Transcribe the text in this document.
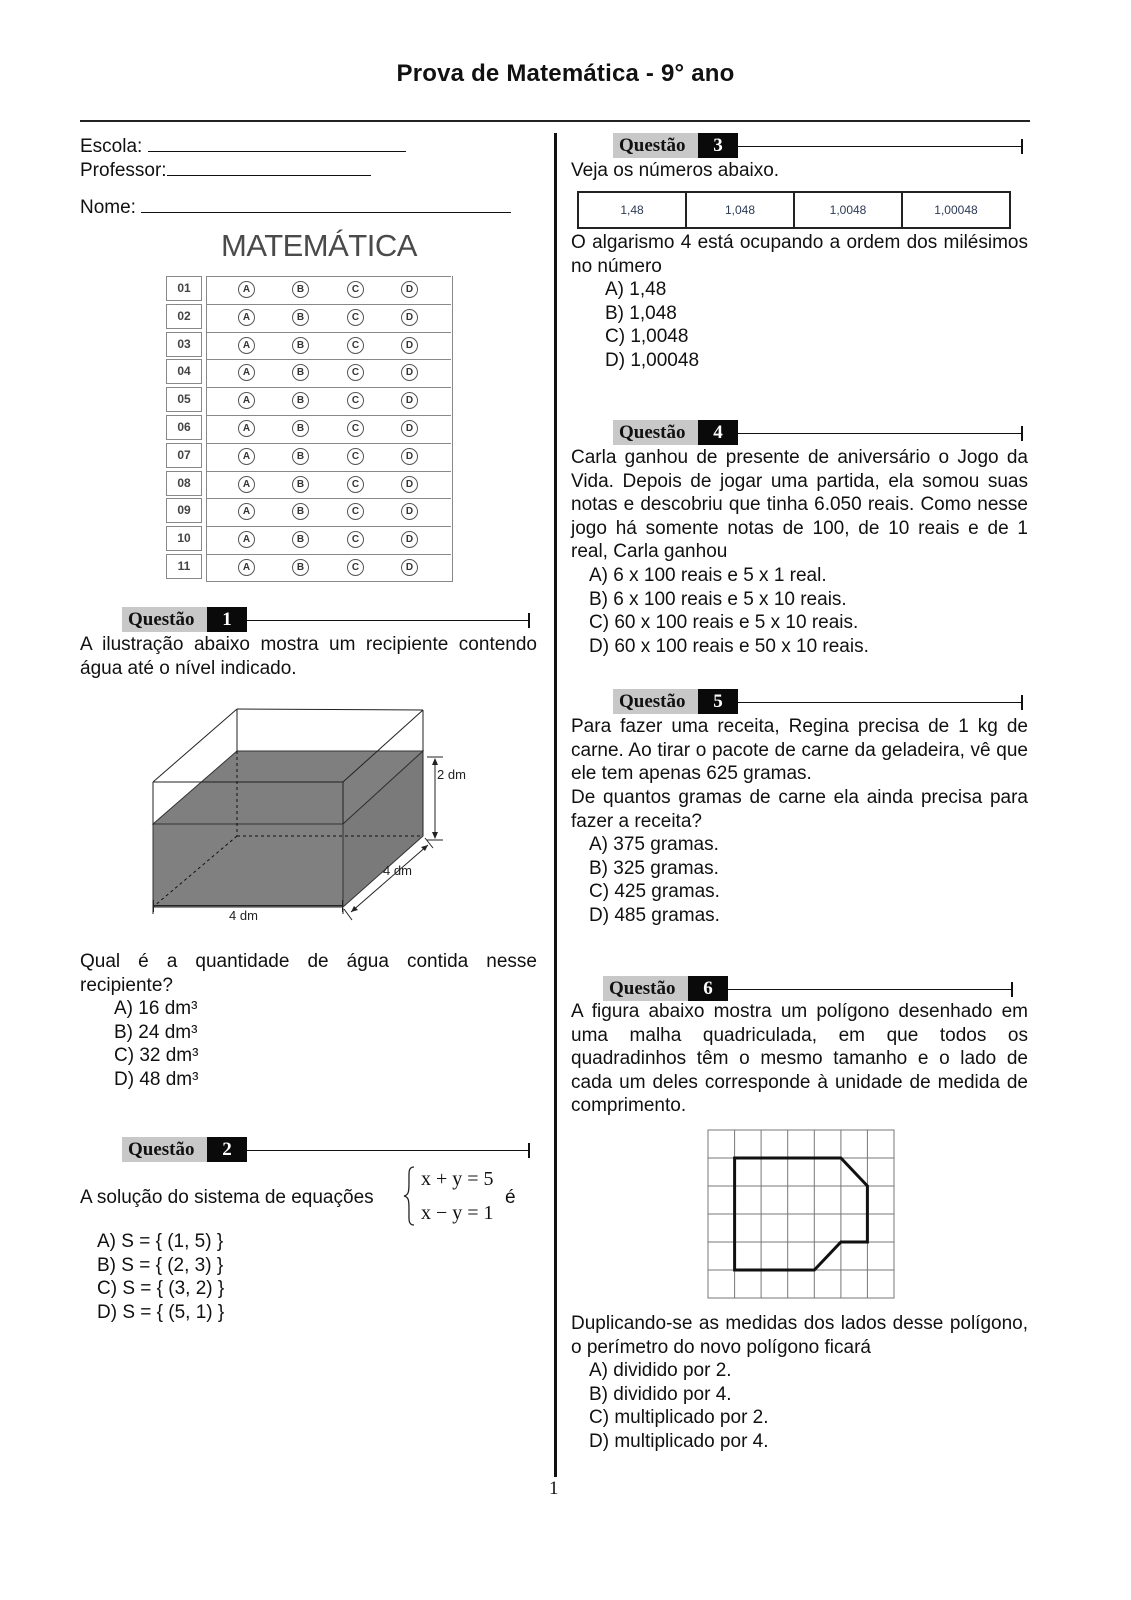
Prova de Matemática - 9° ano
Escola:
Professor:
Nome:
MATEMÁTICA
01	A	B	C	D
02	A	B	C	D
03	A	B	C	D
04	A	B	C	D
05	A	B	C	D
06	A	B	C	D
07	A	B	C	D
08	A	B	C	D
09	A	B	C	D
10	A	B	C	D
11	A	B	C	D
Questão	1
A ilustração abaixo mostra um recipiente contendo água até o nível indicado.
2 dm
4 dm
4 dm
Qual é a quantidade de água contida nesse recipiente?
A) 16 dm³
B) 24 dm³
C) 32 dm³
D) 48 dm³
Questão	2
A solução do sistema de equações
x + y = 5
x − y = 1
é
A) S = { (1, 5) }
B) S = { (2, 3) }
C) S = { (3, 2) }
D) S = { (5, 1) }
Questão	3
Veja os números abaixo.
1,48	1,048	1,0048	1,00048
O algarismo 4 está ocupando a ordem dos milésimos no número
A) 1,48
B) 1,048
C) 1,0048
D) 1,00048
Questão	4
Carla ganhou de presente de aniversário o Jogo da Vida. Depois de jogar uma partida, ela somou suas notas e descobriu que tinha 6.050 reais. Como nesse jogo há somente notas de 100, de 10 reais e de 1 real, Carla ganhou
A) 6 x 100 reais e 5 x 1 real.
B) 6 x 100 reais e 5 x 10 reais.
C) 60 x 100 reais e 5 x 10 reais.
D) 60 x 100 reais e 50 x 10 reais.
Questão	5
Para fazer uma receita, Regina precisa de 1 kg de carne. Ao tirar o pacote de carne da geladeira, vê que ele tem apenas 625 gramas.
De quantos gramas de carne ela ainda precisa para fazer a receita?
A) 375 gramas.
B) 325 gramas.
C) 425 gramas.
D) 485 gramas.
Questão	6
A figura abaixo mostra um polígono desenhado em uma malha quadriculada, em que todos os quadradinhos têm o mesmo tamanho e o lado de cada um deles corresponde à unidade de medida de comprimento.
Duplicando-se as medidas dos lados desse polígono, o perímetro do novo polígono ficará
A) dividido por 2.
B) dividido por 4.
C) multiplicado por 2.
D) multiplicado por 4.
1
